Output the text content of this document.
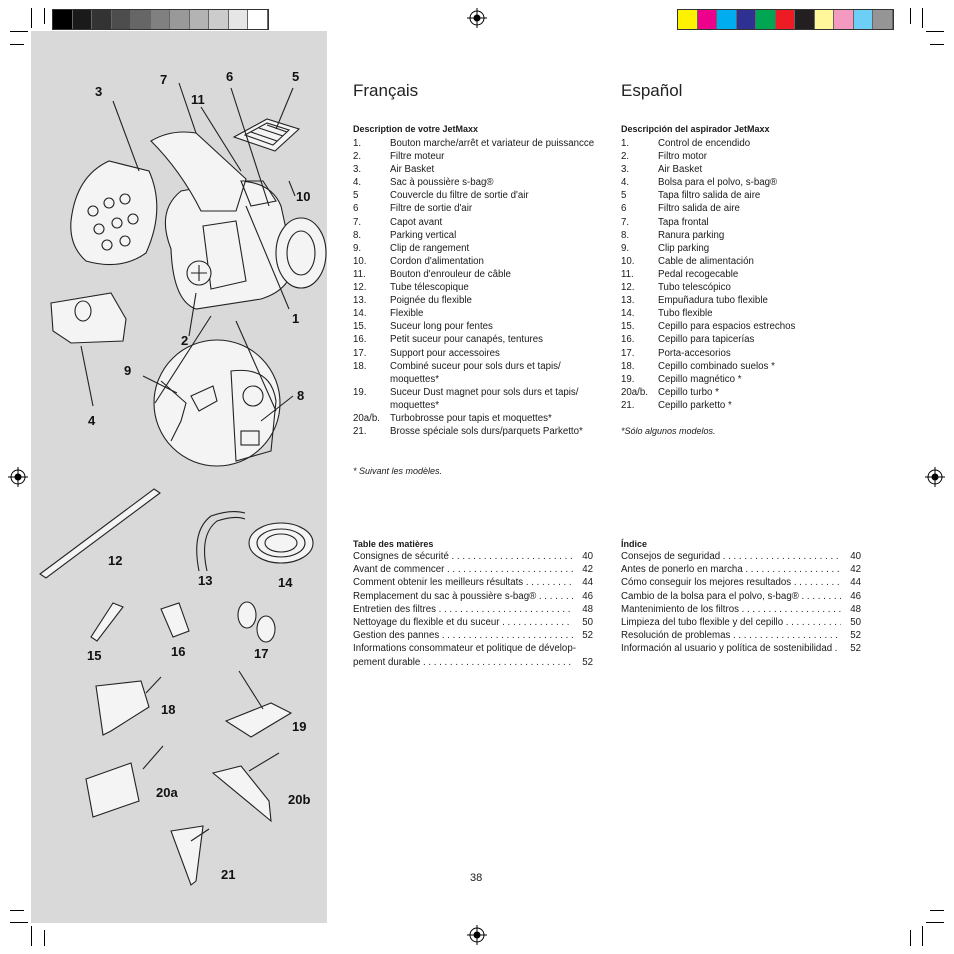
3
7	6	5
11
10
1
2
9
8
4
12
13	14
15	16	17
18
19
20a	20b
21
Français
Description de votre JetMaxx
1.	Bouton marche/arrêt et variateur de puissancce
2.	Filtre moteur
3.	Air Basket
4.	Sac à poussière s-bag®
5	Couvercle du filtre de sortie d'air
6	Filtre de sortie d'air
7.	Capot avant
8.	Parking vertical
9.	Clip de rangement
10.	Cordon d'alimentation
11.	Bouton d'enrouleur de câble
12.	Tube télescopique
13.	Poignée du flexible
14.	Flexible
15.	Suceur long pour fentes
16.	Petit suceur pour canapés, tentures
17.	Support pour accessoires
18.	Combiné suceur pour sols durs et tapis/ moquettes*
19.	Suceur Dust magnet pour sols durs et tapis/ moquettes*
20a/b.	Turbobrosse pour tapis et moquettes*
21.	Brosse spéciale sols durs/parquets Parketto*
* Suivant les modèles.
Table des matières
Consignes de sécurité . . .	40
Avant de commencer . . .	42
Comment obtenir les meilleurs résultats . . .	44
Remplacement du sac à poussière s-bag® . . .	46
Entretien des filtres . . .	48
Nettoyage du flexible et du suceur . . .	50
Gestion des pannes . . .	52
Informations consommateur et politique de dévelop-
pement durable . . .	52
Español
Descripción del aspirador JetMaxx
1.	Control de encendido
2.	Filtro motor
3.	Air Basket
4.	Bolsa para el polvo, s-bag®
5	Tapa filtro salida de aire
6	Filtro salida de aire
7.	Tapa frontal
8.	Ranura parking
9.	Clip parking
10.	Cable de alimentación
11.	Pedal recogecable
12.	Tubo telescópico
13.	Empuñadura tubo flexible
14.	Tubo flexible
15.	Cepillo para espacios estrechos
16.	Cepillo para tapicerías
17.	Porta-accesorios
18.	Cepillo combinado suelos *
19.	Cepillo magnético *
20a/b.	Cepillo turbo *
21.	Cepillo parketto *
*Sólo algunos modelos.
Índice
Consejos de seguridad . . .	40
Antes de ponerlo en marcha . . .	42
Cómo conseguir los mejores resultados . . .	44
Cambio de la bolsa para el polvo, s-bag® . . .	46
Mantenimiento de los filtros . . .	48
Limpieza del tubo flexible y del cepillo . . .	50
Resolución de problemas . . .	52
Información al usuario y política de sostenibilidad . . .	52
38
